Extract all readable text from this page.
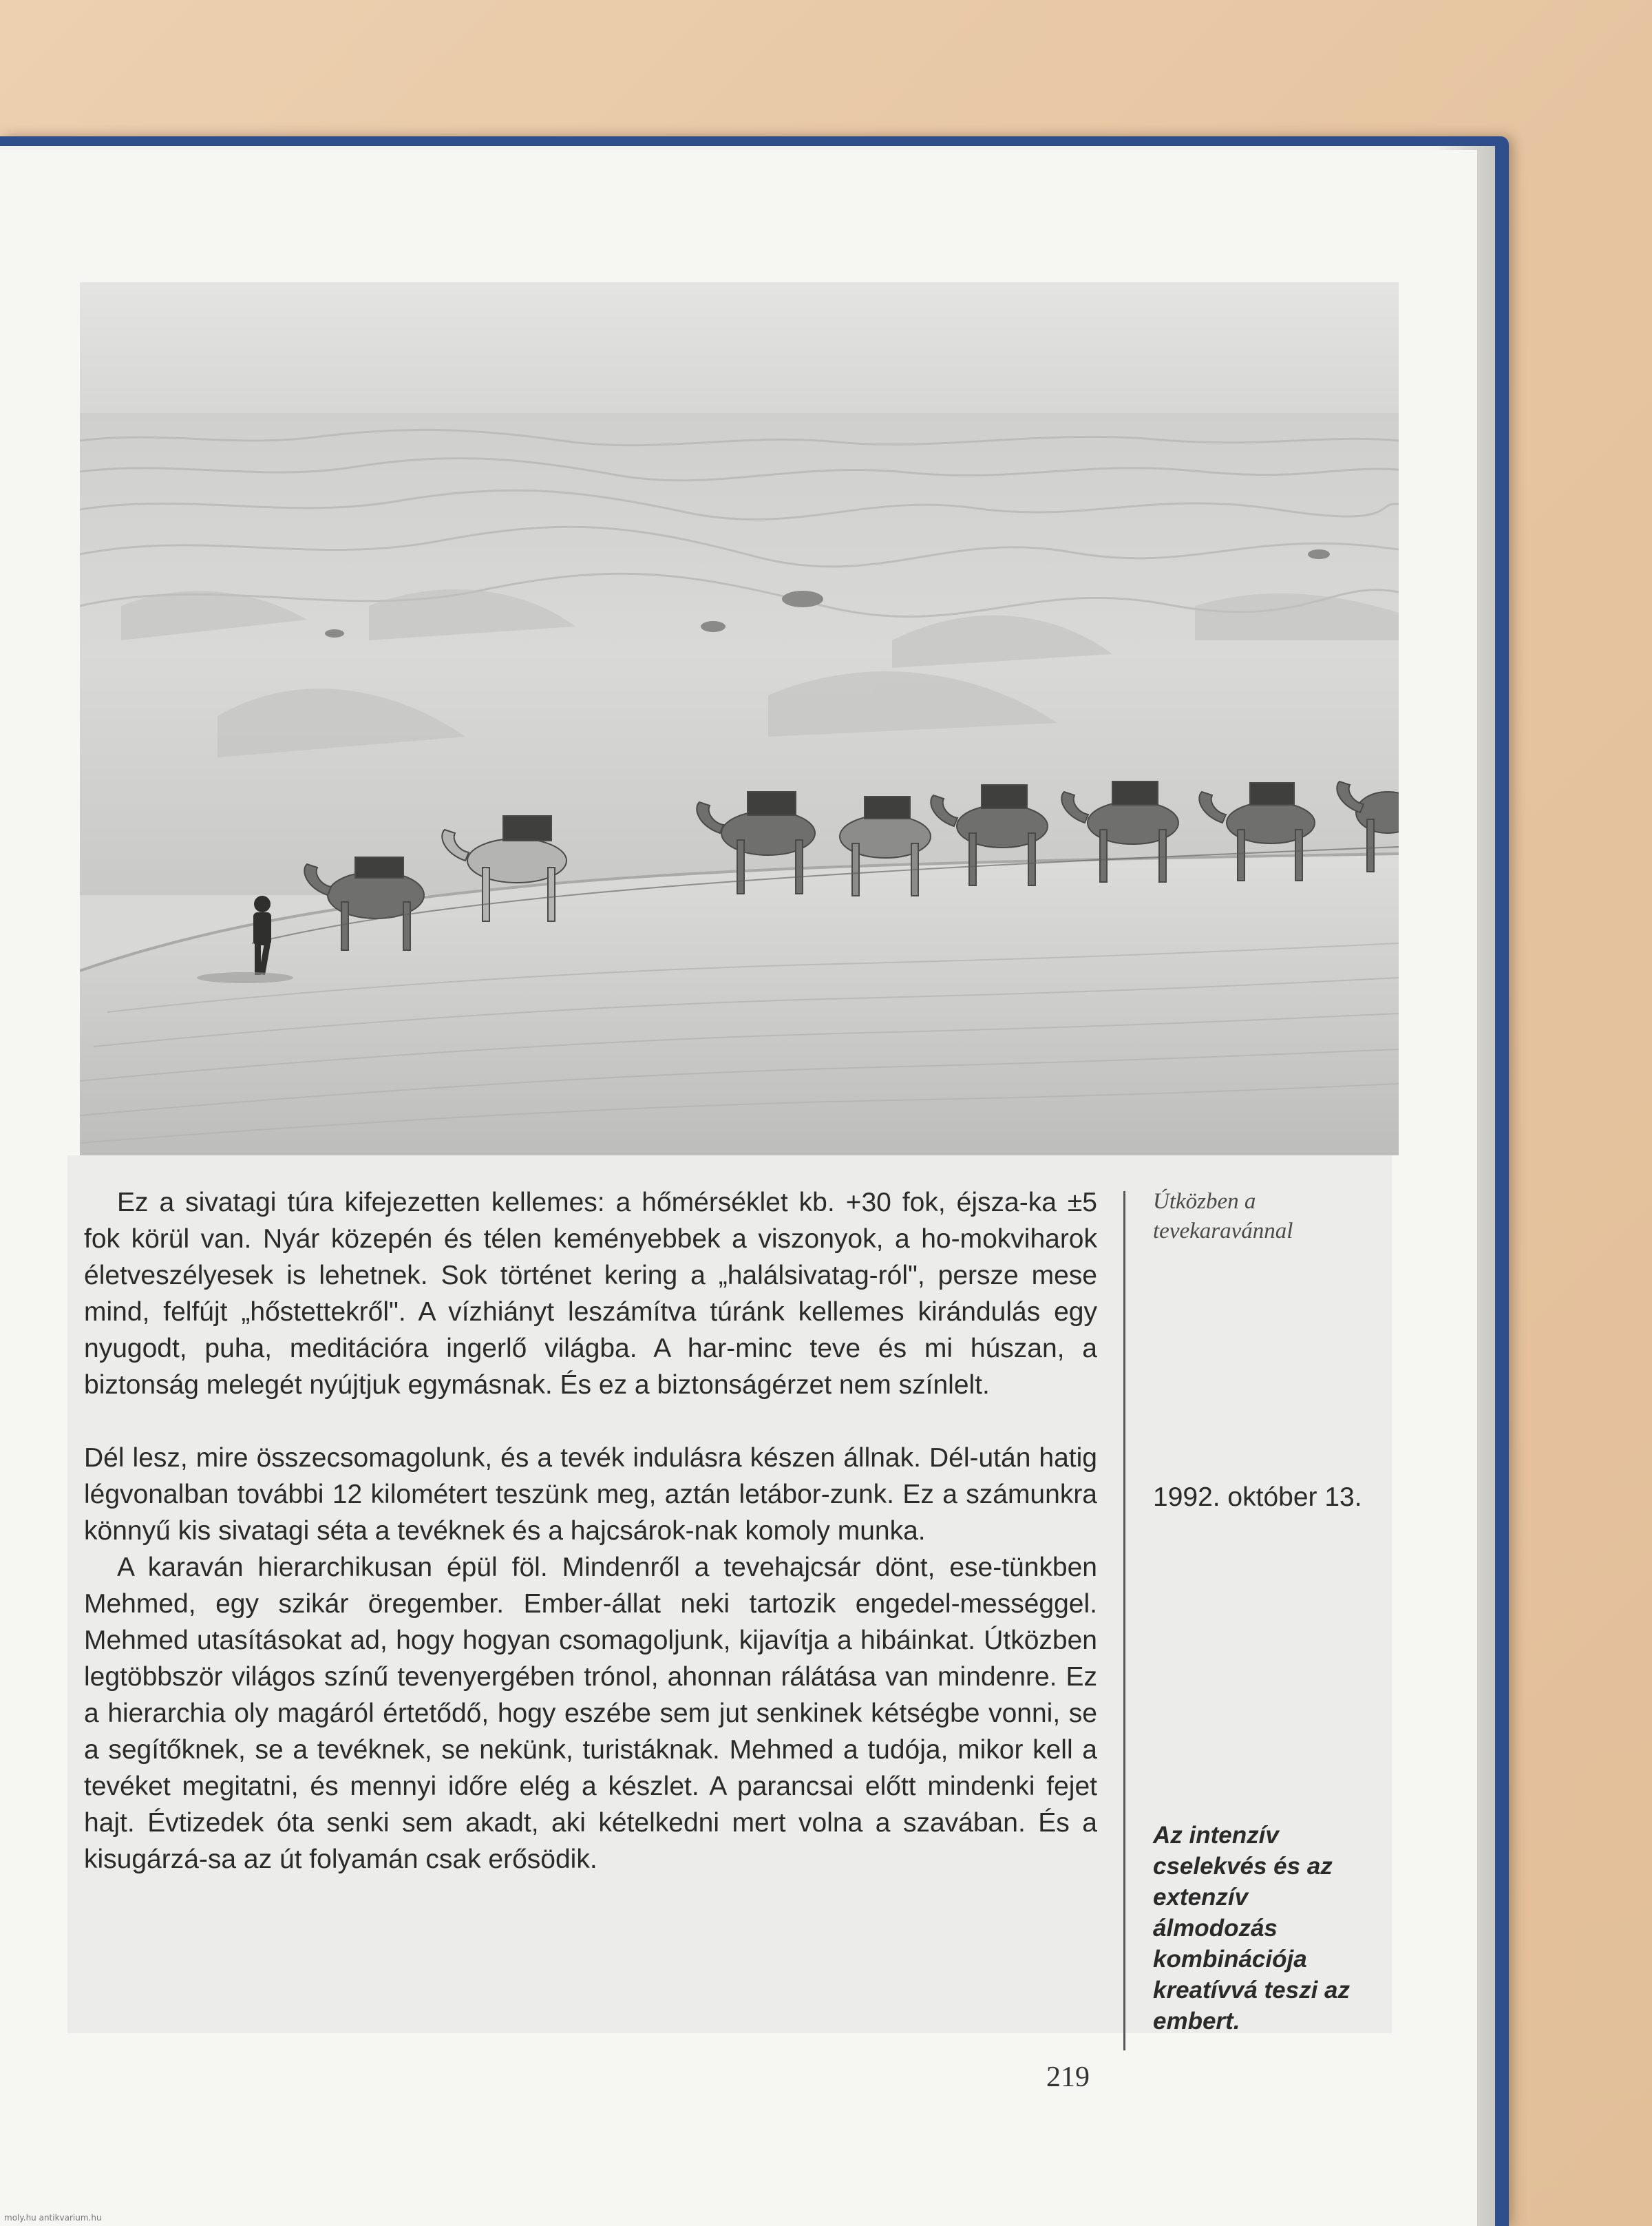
Ez a sivatagi túra kifejezetten kellemes: a hőmérséklet kb. +30 fok, éjsza-ka ±5 fok körül van. Nyár közepén és télen keményebbek a viszonyok, a ho-mokviharok életveszélyesek is lehetnek. Sok történet kering a „halálsivatag-ról", persze mese mind, felfújt „hőstettekről". A vízhiányt leszámítva túránk kellemes kirándulás egy nyugodt, puha, meditációra ingerlő világba. A har-minc teve és mi húszan, a biztonság melegét nyújtjuk egymásnak. És ez a biztonságérzet nem színlelt.

Dél lesz, mire összecsomagolunk, és a tevék indulásra készen állnak. Dél-után hatig légvonalban további 12 kilométert teszünk meg, aztán letábor-zunk. Ez a számunkra könnyű kis sivatagi séta a tevéknek és a hajcsárok-nak komoly munka.

A karaván hierarchikusan épül föl. Mindenről a tevehajcsár dönt, ese-tünkben Mehmed, egy szikár öregember. Ember-állat neki tartozik engedel-mességgel. Mehmed utasításokat ad, hogy hogyan csomagoljunk, kijavítja a hibáinkat. Útközben legtöbbször világos színű tevenyergében trónol, ahonnan rálátása van mindenre. Ez a hierarchia oly magáról értetődő, hogy eszébe sem jut senkinek kétségbe vonni, se a segítőknek, se a tevéknek, se nekünk, turistáknak. Mehmed a tudója, mikor kell a tevéket megitatni, és mennyi időre elég a készlet. A parancsai előtt mindenki fejet hajt. Évtizedek óta senki sem akadt, aki kételkedni mert volna a szavában. És a kisugárzá-sa az út folyamán csak erősödik.

Útközben a tevekaravánnal
1992. október 13.
Az intenzív
cselekvés és az
extenzív
álmodozás
kombinációja
kreatívvá teszi az
embert.
219
moly.hu antikvarium.hu
